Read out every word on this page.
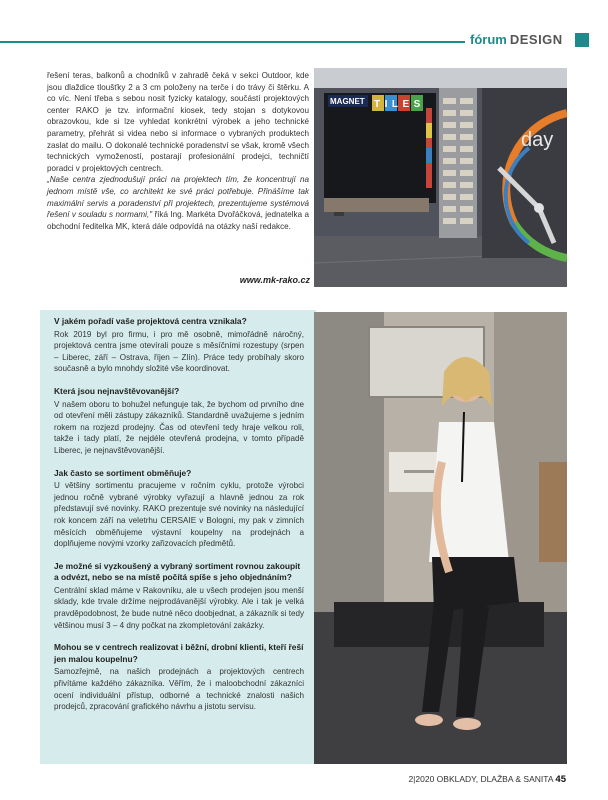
fórum DESIGN

řešení teras, balkonů a chodníků v zahradě čeká v sekci Outdoor, kde jsou dlaždice tloušťky 2 a 3 cm položeny na terče i do trávy či štěrku. A co víc. Není třeba s sebou nosit fyzicky katalogy, součástí projektových center RAKO je tzv. informační kiosek, tedy stojan s dotykovou obrazovkou, kde si lze vyhledat konkrétní výrobek a jeho technické parametry, přehrát si videa nebo si informace o vybraných produktech zaslat do mailu. O dokonalé technické poradenství se však, kromě všech technických vymožeností, postarají profesionální prodejci, techničtí poradci v projektových centrech.

„Naše centra zjednodušují práci na projektech tím, že koncentrují na jednom místě vše, co architekt ke své práci potřebuje. Přinášíme tak maximální servis a poradenství při projektech, prezentujeme systémová řešení v souladu s normami," říká Ing. Markéta Dvořáčková, jednatelka a obchodní ředitelka MK, která dále odpovídá na otázky naší redakce.

www.mk-rako.cz
MAGNET TILES
day
V jakém pořadí vaše projektová centra vznikala?

Rok 2019 byl pro firmu, i pro mě osobně, mimořádně náročný, projektová centra jsme otevírali pouze s měsíčními rozestupy (srpen – Liberec, září – Ostrava, říjen – Zlín). Práce tedy probíhaly skoro současně a bylo mnohdy složité vše koordinovat.

Která jsou nejnavštěvovanější?

V našem oboru to bohužel nefunguje tak, že bychom od prvního dne od otevření měli zástupy zákazníků. Standardně uvažujeme s jedním rokem na rozjezd prodejny. Čas od otevření tedy hraje velkou roli, takže i tady platí, že nejdéle otevřená prodejna, v tomto případě Liberec, je nejnavštěvovanější.

Jak často se sortiment obměňuje?

U většiny sortimentu pracujeme v ročním cyklu, protože výrobci jednou ročně vybrané výrobky vyřazují a hlavně jednou za rok představují své novinky. RAKO prezentuje své novinky na následující rok koncem září na veletrhu CERSAIE v Bologni, my pak v zimních měsících obměňujeme výstavní koupelny na prodejnách a doplňujeme novými vzorky zařizovacích předmětů.

Je možné si vyzkoušený a vybraný sortiment rovnou zakoupit a odvézt, nebo se na místě počítá spíše s jeho objednáním?

Centrální sklad máme v Rakovníku, ale u všech prodejen jsou menší sklady, kde trvale držíme nejprodávanější výrobky. Ale i tak je velká pravděpodobnost, že bude nutné něco doobjednat, a zákazník si tedy většinou musí 3 – 4 dny počkat na zkompletování zakázky.

Mohou se v centrech realizovat i běžní, drobní klienti, kteří řeší jen malou koupelnu?

Samozřejmě, na našich prodejnách a projektových centrech přivítáme každého zákazníka. Věřím, že i maloobchodní zákazníci ocení individuální přístup, odborné a technické znalosti našich prodejců, zpracování grafického návrhu a jistotu servisu.

2|2020 OBKLADY, DLAŽBA & SANITA 45
